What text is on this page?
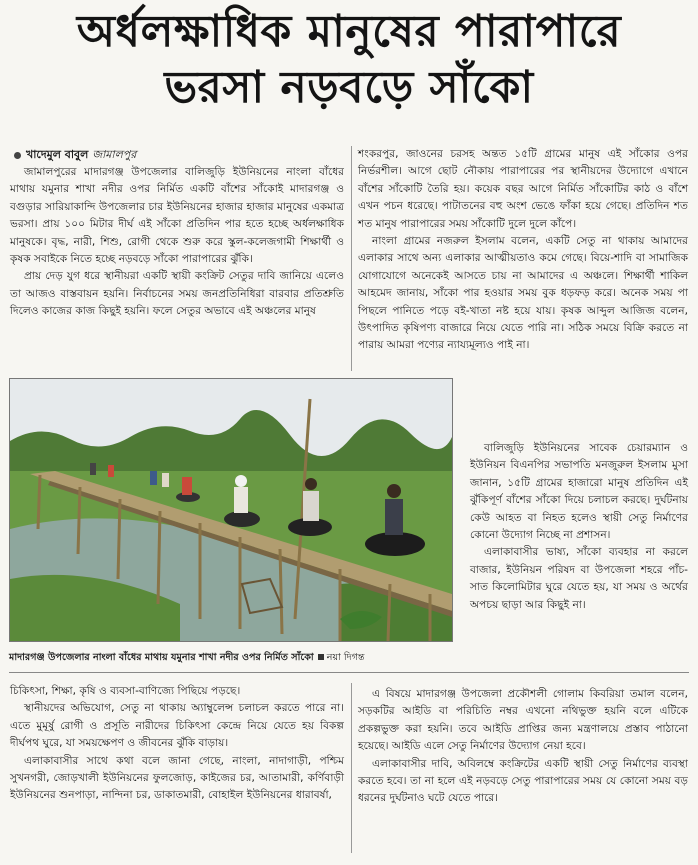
অর্ধলক্ষাধিক মানুষের পারাপারে
ভরসা নড়বড়ে সাঁকো
খাদেমুল বাবুল জামালপুর

জামালপুরের মাদারগঞ্জ উপজেলার বালিজুড়ি ইউনিয়নের নাংলা বাঁধের মাথায় যমুনার শাখা নদীর ওপর নির্মিত একটি বাঁশের সাঁকোই মাদারগঞ্জ ও বগুড়ার সারিয়াকান্দি উপজেলার চার ইউনিয়নের হাজার হাজার মানুষের একমাত্র ভরসা। প্রায় ১০০ মিটার দীর্ঘ এই সাঁকো প্রতিদিন পার হতে হচ্ছে অর্ধলক্ষাধিক মানুষকে। বৃদ্ধ, নারী, শিশু, রোগী থেকে শুরু করে স্কুল-কলেজগামী শিক্ষার্থী ও কৃষক সবাইকে নিতে হচ্ছে নড়বড়ে সাঁকো পারাপারের ঝুঁকি।

প্রায় দেড় যুগ ধরে স্থানীয়রা একটি স্থায়ী কংক্রিট সেতুর দাবি জানিয়ে এলেও তা আজও বাস্তবায়ন হয়নি। নির্বাচনের সময় জনপ্রতিনিধিরা বারবার প্রতিশ্রুতি দিলেও কাজের কাজ কিছুই হয়নি। ফলে সেতুর অভাবে এই অঞ্চলের মানুষ

শংকরপুর, জাওনের চরসহ অন্তত ১৫টি গ্রামের মানুষ এই সাঁকোর ওপর নির্ভরশীল। আগে ছোট নৌকায় পারাপারের পর স্থানীয়দের উদ্যোগে এখানে বাঁশের সাঁকোটি তৈরি হয়। কয়েক বছর আগে নির্মিত সাঁকোটির কাঠ ও বাঁশে এখন পচন ধরেছে। পাটাতনের বহু অংশ ভেঙে ফাঁকা হয়ে গেছে। প্রতিদিন শত শত মানুষ পারাপারের সময় সাঁকোটি দুলে দুলে কাঁপে।

নাংলা গ্রামের নজরুল ইসলাম বলেন, একটি সেতু না থাকায় আমাদের এলাকার সাথে অন্য এলাকার আত্মীয়তাও কমে গেছে। বিয়ে-শাদি বা সামাজিক যোগাযোগে অনেকেই আসতে চায় না আমাদের এ অঞ্চলে। শিক্ষার্থী শাকিল আহমেদ জানায়, সাঁকো পার হওয়ার সময় বুক ধড়ফড় করে। অনেক সময় পা পিছলে পানিতে পড়ে বই-খাতা নষ্ট হয়ে যায়। কৃষক আব্দুল আজিজ বলেন, উৎপাদিত কৃষিপণ্য বাজারে নিয়ে যেতে পারি না। সঠিক সময়ে বিক্রি করতে না পারায় আমরা পণ্যের ন্যায্যমূল্যও পাই না।

বালিজুড়ি ইউনিয়নের সাবেক চেয়ারম্যান ও ইউনিয়ন বিএনপির সভাপতি মনজুরুল ইসলাম মুসা জানান, ১৫টি গ্রামের হাজারো মানুষ প্রতিদিন এই ঝুঁকিপূর্ণ বাঁশের সাঁকো দিয়ে চলাচল করছে। দুর্ঘটনায় কেউ আহত বা নিহত হলেও স্থায়ী সেতু নির্মাণের কোনো উদ্যোগ নিচ্ছে না প্রশাসন।

এলাকাবাসীর ভাষ্য, সাঁকো ব্যবহার না করলে বাজার, ইউনিয়ন পরিষদ বা উপজেলা শহরে পাঁচ-সাত কিলোমিটার ঘুরে যেতে হয়, যা সময় ও অর্থের অপচয় ছাড়া আর কিছুই না।

মাদারগঞ্জ উপজেলার নাংলা বাঁধের মাথায় যমুনার শাখা নদীর ওপর নির্মিত সাঁকো নয়া দিগন্ত

চিকিৎসা, শিক্ষা, কৃষি ও ব্যবসা-বাণিজ্যে পিছিয়ে পড়ছে।

স্থানীয়দের অভিযোগ, সেতু না থাকায় অ্যাম্বুলেন্স চলাচল করতে পারে না। এতে মুমূর্ষু রোগী ও প্রসূতি নারীদের চিকিৎসা কেন্দ্রে নিয়ে যেতে হয় বিকল্প দীর্ঘপথ ঘুরে, যা সময়ক্ষেপণ ও জীবনের ঝুঁকি বাড়ায়।

এলাকাবাসীর সাথে কথা বলে জানা গেছে, নাংলা, নাদাগাড়ী, পশ্চিম সুখনগরী, জোড়খালী ইউনিয়নের ফুলজোড়, কাইজের চর, আতামারী, কর্ণিবাড়ী ইউনিয়নের শুনপাড়া, নান্দিনা চর, ডাকাতমারী, বোহাইল ইউনিয়নের ধারাবর্ষা,

এ বিষয়ে মাদারগঞ্জ উপজেলা প্রকৌশলী গোলাম কিবরিয়া তমাল বলেন, সড়কটির আইডি বা পরিচিতি নম্বর এখনো নথিভুক্ত হয়নি বলে এটিকে প্রকল্পভুক্ত করা হয়নি। তবে আইডি প্রাপ্তির জন্য মন্ত্রণালয়ে প্রস্তাব পাঠানো হয়েছে। আইডি এলে সেতু নির্মাণের উদ্যোগ নেয়া হবে।

এলাকাবাসীর দাবি, অবিলম্বে কংক্রিটের একটি স্থায়ী সেতু নির্মাণের ব্যবস্থা করতে হবে। তা না হলে এই নড়বড়ে সেতু পারাপারের সময় যে কোনো সময় বড় ধরনের দুর্ঘটনাও ঘটে যেতে পারে।
